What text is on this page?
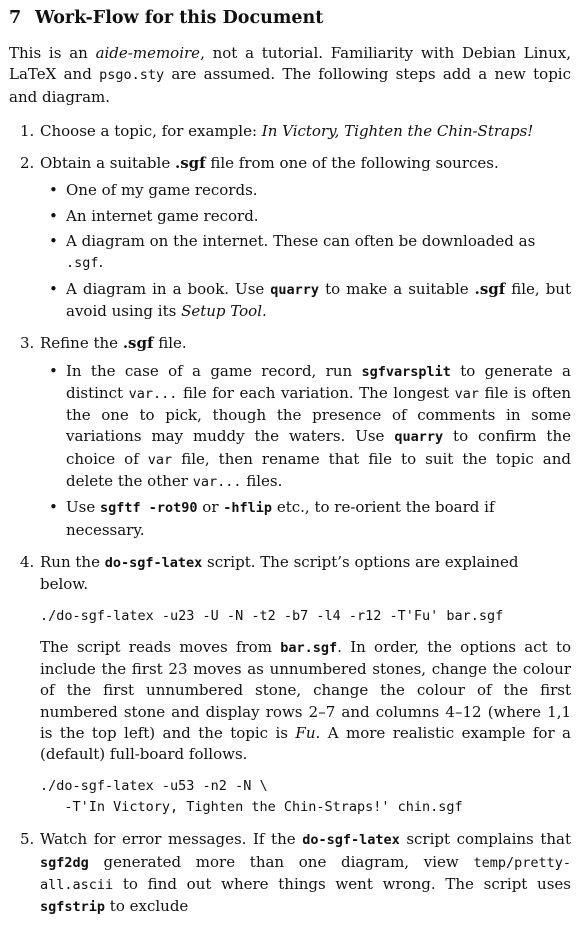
7 Work-Flow for this Document

This is an aide-memoire, not a tutorial. Familiarity with Debian Linux, LaTeX and psgo.sty are assumed. The following steps add a new topic and diagram.

1. Choose a topic, for example: In Victory, Tighten the Chin-Straps!
2. Obtain a suitable .sgf file from one of the following sources.
• One of my game records.
• An internet game record.
• A diagram on the internet. These can often be downloaded as .sgf.
• A diagram in a book. Use quarry to make a suitable .sgf file, but avoid using its Setup Tool.
3. Refine the .sgf file.
• In the case of a game record, run sgfvarsplit to generate a distinct var... file for each variation. The longest var file is often the one to pick, though the presence of comments in some variations may muddy the waters. Use quarry to confirm the choice of var file, then rename that file to suit the topic and delete the other var... files.
• Use sgftf -rot90 or -hflip etc., to re-orient the board if necessary.
4. Run the do-sgf-latex script. The script’s options are explained below.
./do-sgf-latex -u23 -U -N -t2 -b7 -l4 -r12 -T'Fu' bar.sgf

The script reads moves from bar.sgf. In order, the options act to include the first 23 moves as unnumbered stones, change the colour of the first unnumbered stone, change the colour of the first numbered stone and display rows 2–7 and columns 4–12 (where 1,1 is the top left) and the topic is Fu. A more realistic example for a (default) full-board follows.

./do-sgf-latex -u53 -n2 -N \
-T'In Victory, Tighten the Chin-Straps!' chin.sgf
5. Watch for error messages. If the do-sgf-latex script complains that sgf2dg generated more than one diagram, view temp/pretty-all.ascii to find out where things went wrong. The script uses sgfstrip to exclude
